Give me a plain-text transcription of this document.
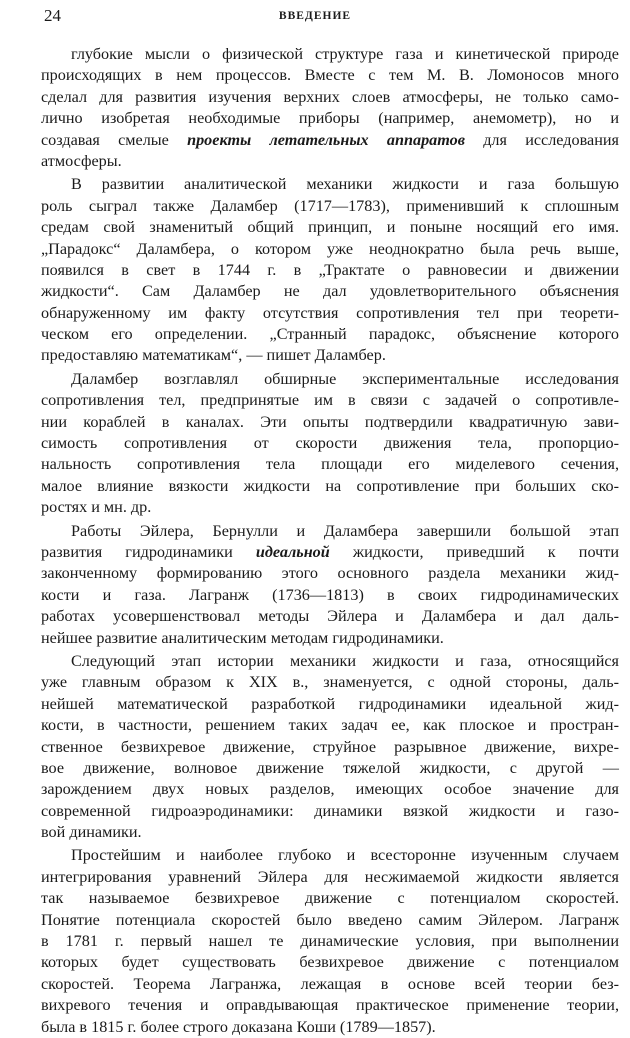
24	ВВЕДЕНИЕ
глубокие мысли о физической структуре газа и кинетической природе
происходящих в нем процессов. Вместе с тем М. В. Ломоносов много
сделал для развития изучения верхних слоев атмосферы, не только само-
лично изобретая необходимые приборы (например, анемометр), но и
создавая смелые проекты летательных аппаратов для исследования
атмосферы.
В развитии аналитической механики жидкости и газа большую
роль сыграл также Даламбер (1717—1783), применивший к сплошным
средам свой знаменитый общий принцип, и поныне носящий его имя.
„Парадокс“ Даламбера, о котором уже неоднократно была речь выше,
появился в свет в 1744 г. в „Трактате о равновесии и движении
жидкости“. Сам Даламбер не дал удовлетворительного объяснения
обнаруженному им факту отсутствия сопротивления тел при теорети-
ческом его определении. „Странный парадокс, объяснение которого
предоставляю математикам“, — пишет Даламбер.
Даламбер возглавлял обширные экспериментальные исследования
сопротивления тел, предпринятые им в связи с задачей о сопротивле-
нии кораблей в каналах. Эти опыты подтвердили квадратичную зави-
симость сопротивления от скорости движения тела, пропорцио-
нальность сопротивления тела площади его миделевого сечения,
малое влияние вязкости жидкости на сопротивление при больших ско-
ростях и мн. др.
Работы Эйлера, Бернулли и Даламбера завершили большой этап
развития гидродинамики идеальной жидкости, приведший к почти
законченному формированию этого основного раздела механики жид-
кости и газа. Лагранж (1736—1813) в своих гидродинамических
работах усовершенствовал методы Эйлера и Даламбера и дал даль-
нейшее развитие аналитическим методам гидродинамики.
Следующий этап истории механики жидкости и газа, относящийся
уже главным образом к XIX в., знаменуется, с одной стороны, даль-
нейшей математической разработкой гидродинамики идеальной жид-
кости, в частности, решением таких задач ее, как плоское и простран-
ственное безвихревое движение, струйное разрывное движение, вихре-
вое движение, волновое движение тяжелой жидкости, с другой —
зарождением двух новых разделов, имеющих особое значение для
современной гидроаэродинамики: динамики вязкой жидкости и газо-
вой динамики.
Простейшим и наиболее глубоко и всесторонне изученным случаем
интегрирования уравнений Эйлера для несжимаемой жидкости является
так называемое безвихревое движение с потенциалом скоростей.
Понятие потенциала скоростей было введено самим Эйлером. Лагранж
в 1781 г. первый нашел те динамические условия, при выполнении
которых будет существовать безвихревое движение с потенциалом
скоростей. Теорема Лагранжа, лежащая в основе всей теории без-
вихревого течения и оправдывающая практическое применение теории,
была в 1815 г. более строго доказана Коши (1789—1857).
